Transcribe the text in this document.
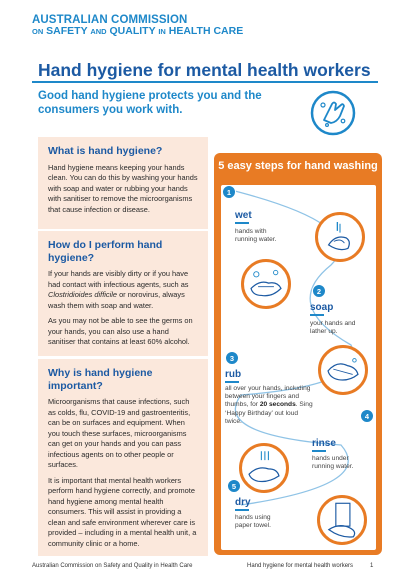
AUSTRALIAN COMMISSION
ON SAFETY AND QUALITY IN HEALTH CARE
Hand hygiene for mental health workers
Good hand hygiene protects you and the consumers you work with.
What is hand hygiene?

Hand hygiene means keeping your hands clean. You can do this by washing your hands with soap and water or rubbing your hands with sanitiser to remove the microorganisms that cause infection or disease.

How do I perform hand hygiene?

If your hands are visibly dirty or if you have had contact with infectious agents, such as Clostridioides difficile or norovirus, always wash them with soap and water.

As you may not be able to see the germs on your hands, you can also use a hand sanitiser that contains at least 60% alcohol.

Why is hand hygiene important?

Microorganisms that cause infections, such as colds, flu, COVID-19 and gastroenteritis, can be on surfaces and equipment. When you touch these surfaces, microorganisms can get on your hands and you can pass infectious agents on to other people or surfaces.

It is important that mental health workers perform hand hygiene correctly, and promote hand hygiene among mental health consumers. This will assist in providing a clean and safe environment wherever care is provided – including in a mental health unit, a community clinic or a home.

5 easy steps for hand washing
1
wet
hands with running water.
2
soap
your hands and lather up.
3
rub
all over your hands, including between your fingers and thumbs, for 20 seconds. Sing ‘Happy Birthday’ out loud twice.
4
rinse
hands under running water.
5
dry
hands using paper towel.
Australian Commission on Safety and Quality in Health Care	Hand hygiene for mental health workers	1
